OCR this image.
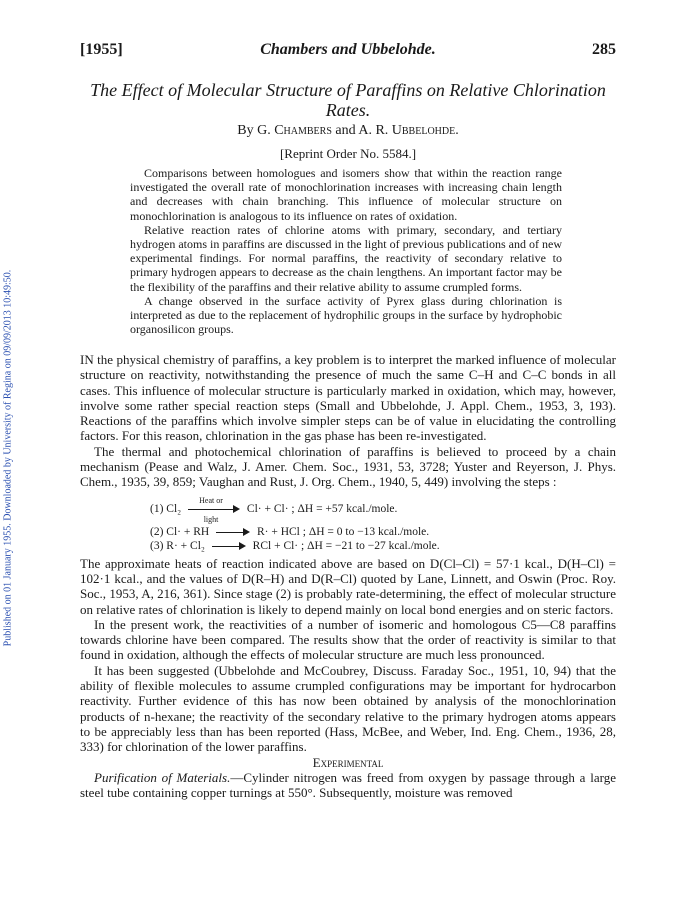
Published on 01 January 1955. Downloaded by University of Regina on 09/09/2013 10:49:50.
[1955]	Chambers and Ubbelohde.	285
The Effect of Molecular Structure of Paraffins on Relative Chlorination Rates.
By G. Chambers and A. R. Ubbelohde.
[Reprint Order No. 5584.]

Comparisons between homologues and isomers show that within the reaction range investigated the overall rate of monochlorination increases with increasing chain length and decreases with chain branching. This influence of molecular structure on monochlorination is analogous to its influence on rates of oxidation.

Relative reaction rates of chlorine atoms with primary, secondary, and tertiary hydrogen atoms in paraffins are discussed in the light of previous publications and of new experimental findings. For normal paraffins, the reactivity of secondary relative to primary hydrogen appears to decrease as the chain lengthens. An important factor may be the flexibility of the paraffins and their relative ability to assume crumpled forms.

A change observed in the surface activity of Pyrex glass during chlorination is interpreted as due to the replacement of hydrophilic groups in the surface by hydrophobic organosilicon groups.

IN the physical chemistry of paraffins, a key problem is to interpret the marked influence of molecular structure on reactivity, notwithstanding the presence of much the same C–H and C–C bonds in all cases. This influence of molecular structure is particularly marked in oxidation, which may, however, involve some rather special reaction steps (Small and Ubbelohde, J. Appl. Chem., 1953, 3, 193). Reactions of the paraffins which involve simpler steps can be of value in elucidating the controlling factors. For this reason, chlorination in the gas phase has been re-investigated.

The thermal and photochemical chlorination of paraffins is believed to proceed by a chain mechanism (Pease and Walz, J. Amer. Chem. Soc., 1931, 53, 3728; Yuster and Reyerson, J. Phys. Chem., 1935, 39, 859; Vaughan and Rust, J. Org. Chem., 1940, 5, 449) involving the steps :

(1) Cl₂
Heat or
light
Cl· + Cl· ; ΔH = +57 kcal./mole.
(2) Cl· + RH	R· + HCl ; ΔH = 0 to −13 kcal./mole.
(3) R· + Cl₂	RCl + Cl· ; ΔH = −21 to −27 kcal./mole.

The approximate heats of reaction indicated above are based on D(Cl–Cl) = 57·1 kcal., D(H–Cl) = 102·1 kcal., and the values of D(R–H) and D(R–Cl) quoted by Lane, Linnett, and Oswin (Proc. Roy. Soc., 1953, A, 216, 361). Since stage (2) is probably rate-determining, the effect of molecular structure on relative rates of chlorination is likely to depend mainly on local bond energies and on steric factors.

In the present work, the reactivities of a number of isomeric and homologous C5—C8 paraffins towards chlorine have been compared. The results show that the order of reactivity is similar to that found in oxidation, although the effects of molecular structure are much less pronounced.

It has been suggested (Ubbelohde and McCoubrey, Discuss. Faraday Soc., 1951, 10, 94) that the ability of flexible molecules to assume crumpled configurations may be important for hydrocarbon reactivity. Further evidence of this has now been obtained by analysis of the monochlorination products of n-hexane; the reactivity of the secondary relative to the primary hydrogen atoms appears to be appreciably less than has been reported (Hass, McBee, and Weber, Ind. Eng. Chem., 1936, 28, 333) for chlorination of the lower paraffins.

Experimental

Purification of Materials.—Cylinder nitrogen was freed from oxygen by passage through a large steel tube containing copper turnings at 550°. Subsequently, moisture was removed
